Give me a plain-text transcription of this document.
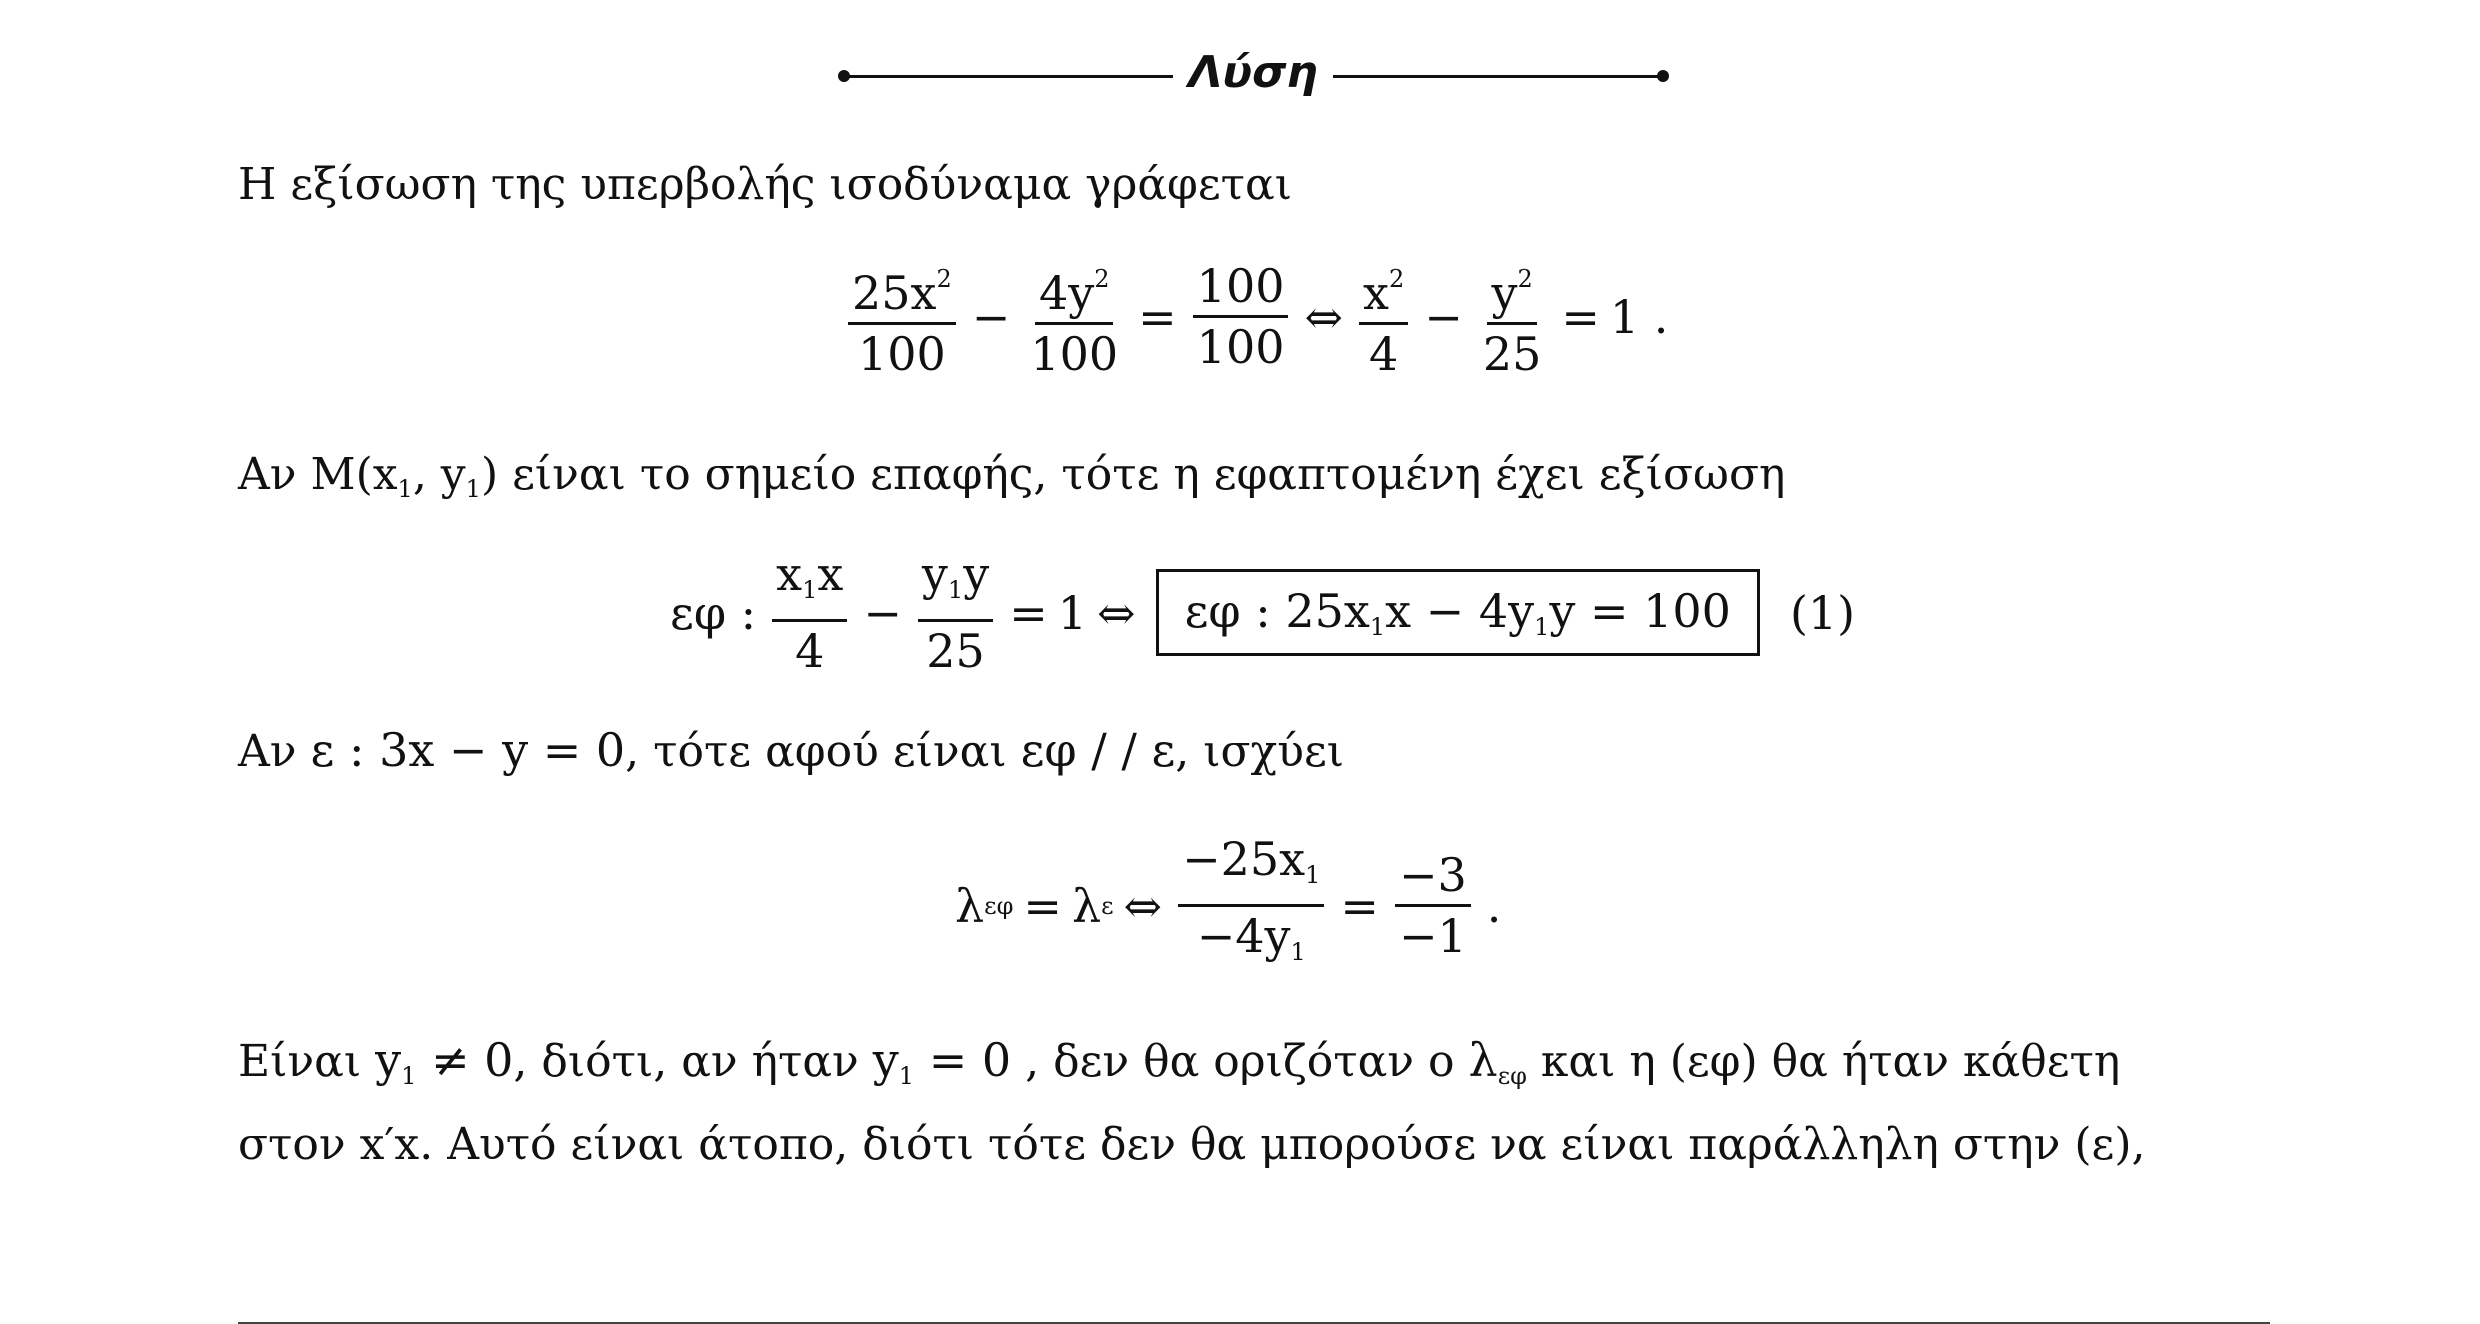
Λύση
Η εξίσωση της υπερβολής ισοδύναμα γράφεται
$\frac{25x^2}{100} - \frac{4y^2}{100} = \frac{100}{100}$ ⇔ $\frac{x^2}{4} - \frac{y^2}{25} = 1$ .
Αν $M(x_1$, $y_1$) είναι το σημείο επαφής, τότε η εφαπτομένη έχει εξίσωση
εφ : $\frac{x_1x}{4} - \frac{y_1y}{25} = 1$ ⇔	εφ : $25x_1x - 4y_1y = 100$	(1)
Αν ε : 3x − y = 0, τότε αφού είναι εφ / / ε, ισχύει
λ εφ = λ ε ⇔ $\frac{-25x_1}{-4y_1} = \frac{-3}{-1}$ .
Είναι $y_1 \ne 0$, διότι, αν ήταν $y_1 = 0$ , δεν θα οριζόταν ο $\lambda_{\varepsilon\varphi}$ και η (εφ) θα ήταν κάθετη
στον x′x. Αυτό είναι άτοπο, διότι τότε δεν θα μπορούσε να είναι παράλληλη στην (ε),
